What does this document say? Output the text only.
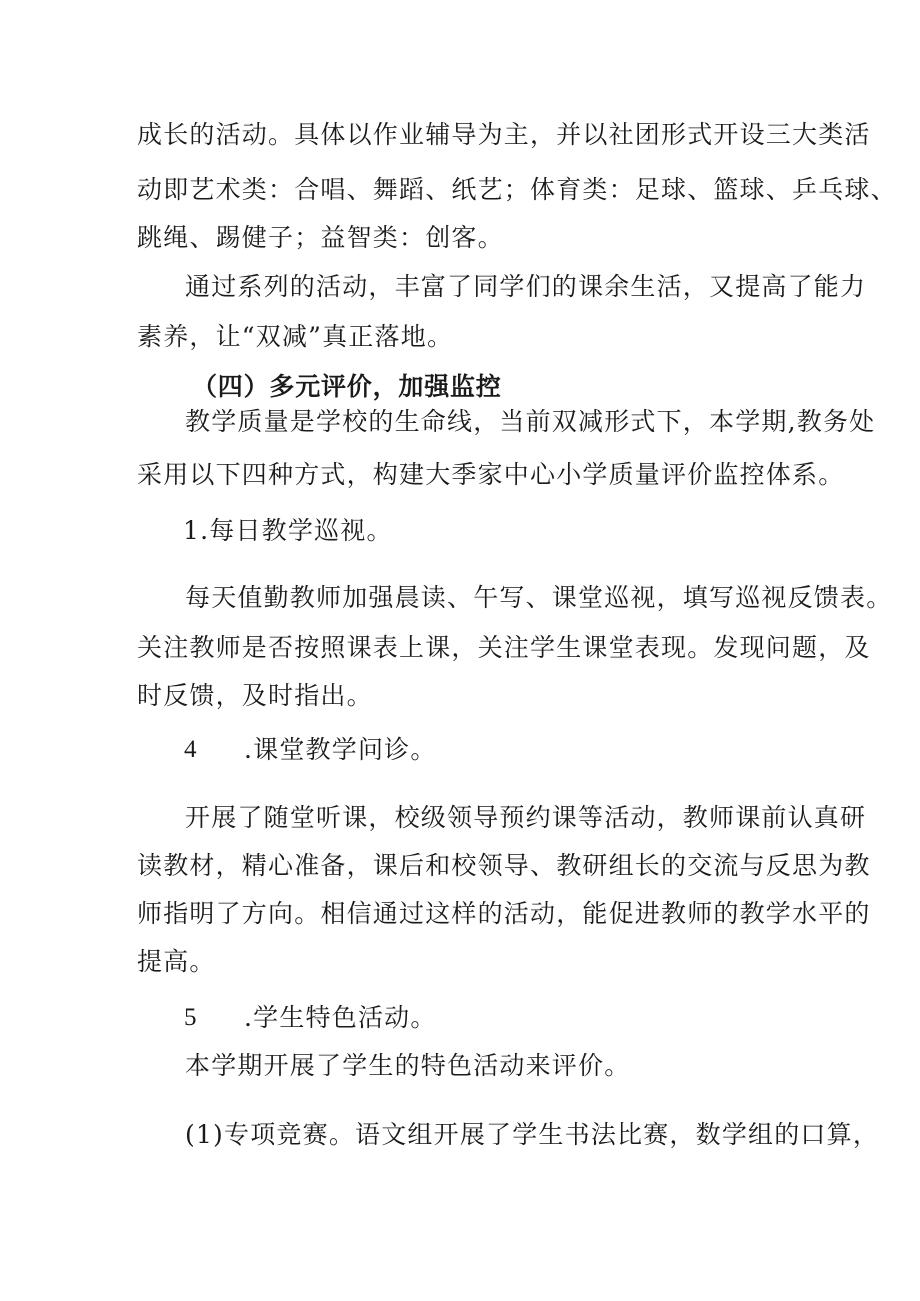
成长的活动。具体以作业辅导为主，并以社团形式开设三大类活
动即艺术类：合唱、舞蹈、纸艺；体育类：足球、篮球、乒乓球、
跳绳、踢健子；益智类：创客。
通过系列的活动，丰富了同学们的课余生活，又提高了能力
素养，让“双减”真正落地。
（四）多元评价，加强监控
教学质量是学校的生命线，当前双减形式下，本学期,教务处
采用以下四种方式，构建大季家中心小学质量评价监控体系。
1.每日教学巡视。
每天值勤教师加强晨读、午写、课堂巡视，填写巡视反馈表。
关注教师是否按照课表上课，关注学生课堂表现。发现问题，及
时反馈，及时指出。
4 .课堂教学问诊。
开展了随堂听课，校级领导预约课等活动，教师课前认真研
读教材，精心准备，课后和校领导、教研组长的交流与反思为教
师指明了方向。相信通过这样的活动，能促进教师的教学水平的
提高。
5 .学生特色活动。
本学期开展了学生的特色活动来评价。
(1)专项竞赛。语文组开展了学生书法比赛，数学组的口算，
